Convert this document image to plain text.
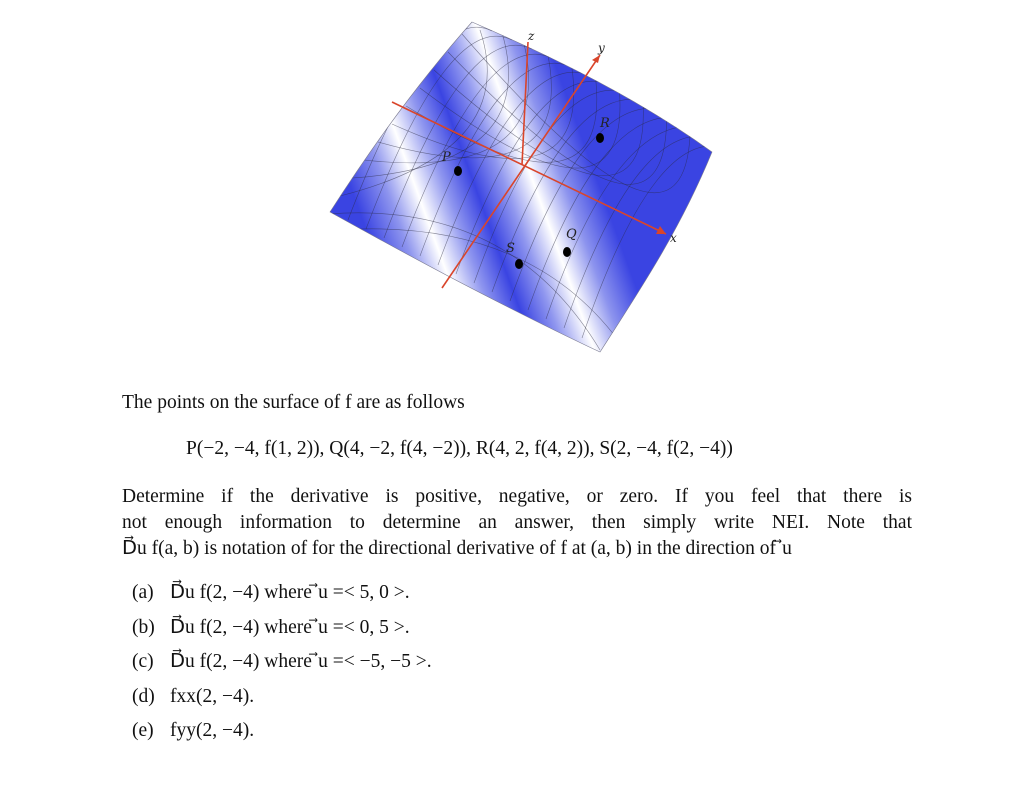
x
y
z
P
Q
R
S
The points on the surface of f are as follows
P(−2, −4, f(1, 2)), Q(4, −2, f(4, −2)), R(4, 2, f(4, 2)), S(2, −4, f(2, −4))
Determine if the derivative is positive, negative, or zero. If you feel that there is
not enough information to determine an answer, then simply write NEI. Note that
D⃗u f(a, b) is notation of for the directional derivative of f at (a, b) in the direction of ⃗u
(a) D⃗u f(2, −4) where ⃗u =< 5, 0 >.
(b) D⃗u f(2, −4) where ⃗u =< 0, 5 >.
(c) D⃗u f(2, −4) where ⃗u =< −5, −5 >.
(d) fxx(2, −4).
(e) fyy(2, −4).
